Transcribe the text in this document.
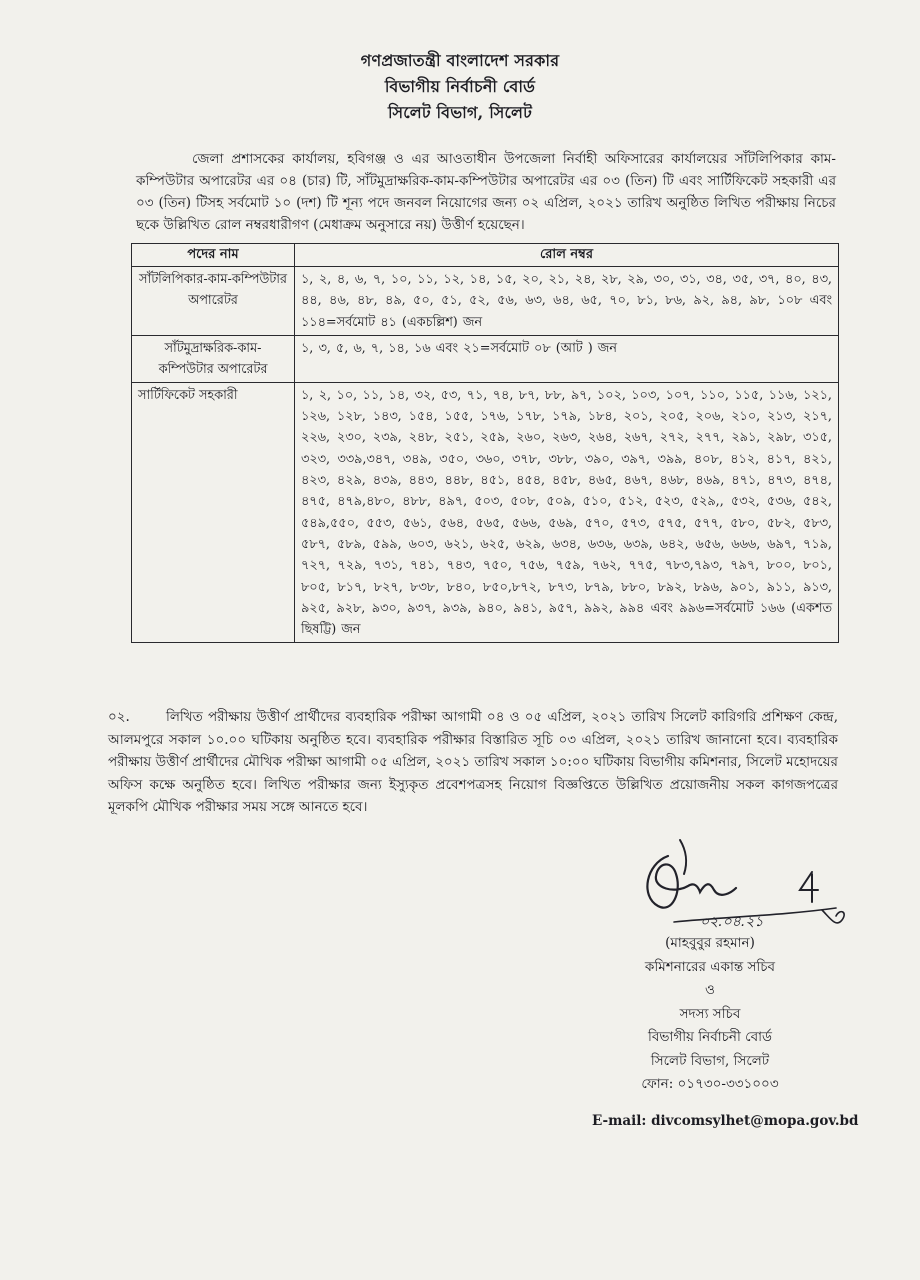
গণপ্রজাতন্ত্রী বাংলাদেশ সরকার
বিভাগীয় নির্বাচনী বোর্ড
সিলেট বিভাগ, সিলেট
জেলা প্রশাসকের কার্যালয়, হবিগঞ্জ ও এর আওতাধীন উপজেলা নির্বাহী অফিসারের কার্যালয়ের সাঁটলিপিকার কাম-কম্পিউটার অপারেটর এর ০৪ (চার) টি, সাঁটমুদ্রাক্ষরিক-কাম-কম্পিউটার অপারেটর এর ০৩ (তিন) টি এবং সার্টিফিকেট সহকারী এর ০৩ (তিন) টিসহ সর্বমোট ১০ (দশ) টি শূন্য পদে জনবল নিয়োগের জন্য ০২ এপ্রিল, ২০২১ তারিখ অনুষ্ঠিত লিখিত পরীক্ষায় নিচের ছকে উল্লিখিত রোল নম্বরধারীগণ (মেধাক্রম অনুসারে নয়) উত্তীর্ণ হয়েছেন।
পদের নাম	রোল নম্বর
সাঁটলিপিকার-কাম-কম্পিউটার অপারেটর	১, ২, ৪, ৬, ৭, ১০, ১১, ১২, ১৪, ১৫, ২০, ২১, ২৪, ২৮, ২৯, ৩০, ৩১, ৩৪, ৩৫, ৩৭, ৪০, ৪৩, ৪৪, ৪৬, ৪৮, ৪৯, ৫০, ৫১, ৫২, ৫৬, ৬৩, ৬৪, ৬৫, ৭০, ৮১, ৮৬, ৯২, ৯৪, ৯৮, ১০৮ এবং ১১৪=সর্বমোট ৪১ (একচল্লিশ) জন
সাঁটমুদ্রাক্ষরিক-কাম-কম্পিউটার অপারেটর	১, ৩, ৫, ৬, ৭, ১৪, ১৬ এবং ২১=সর্বমোট ০৮ (আট ) জন
সার্টিফিকেট সহকারী	১, ২, ১০, ১১, ১৪, ৩২, ৫৩, ৭১, ৭৪, ৮৭, ৮৮, ৯৭, ১০২, ১০৩, ১০৭, ১১০, ১১৫, ১১৬, ১২১, ১২৬, ১২৮, ১৪৩, ১৫৪, ১৫৫, ১৭৬, ১৭৮, ১৭৯, ১৮৪, ২০১, ২০৫, ২০৬, ২১০, ২১৩, ২১৭, ২২৬, ২৩০, ২৩৯, ২৪৮, ২৫১, ২৫৯, ২৬০, ২৬৩, ২৬৪, ২৬৭, ২৭২, ২৭৭, ২৯১, ২৯৮, ৩১৫, ৩২৩, ৩৩৯,৩৪৭, ৩৪৯, ৩৫০, ৩৬০, ৩৭৮, ৩৮৮, ৩৯০, ৩৯৭, ৩৯৯, ৪০৮, ৪১২, ৪১৭, ৪২১, ৪২৩, ৪২৯, ৪৩৯, ৪৪৩, ৪৪৮, ৪৫১, ৪৫৪, ৪৫৮, ৪৬৫, ৪৬৭, ৪৬৮, ৪৬৯, ৪৭১, ৪৭৩, ৪৭৪, ৪৭৫, ৪৭৯,৪৮০, ৪৮৮, ৪৯৭, ৫০৩, ৫০৮, ৫০৯, ৫১০, ৫১২, ৫২৩, ৫২৯,, ৫৩২, ৫৩৬, ৫৪২, ৫৪৯,৫৫০, ৫৫৩, ৫৬১, ৫৬৪, ৫৬৫, ৫৬৬, ৫৬৯, ৫৭০, ৫৭৩, ৫৭৫, ৫৭৭, ৫৮০, ৫৮২, ৫৮৩, ৫৮৭, ৫৮৯, ৫৯৯, ৬০৩, ৬২১, ৬২৫, ৬২৯, ৬৩৪, ৬৩৬, ৬৩৯, ৬৪২, ৬৫৬, ৬৬৬, ৬৯৭, ৭১৯, ৭২৭, ৭২৯, ৭৩১, ৭৪১, ৭৪৩, ৭৫০, ৭৫৬, ৭৫৯, ৭৬২, ৭৭৫, ৭৮৩,৭৯৩, ৭৯৭, ৮০০, ৮০১, ৮০৫, ৮১৭, ৮২৭, ৮৩৮, ৮৪০, ৮৫০,৮৭২, ৮৭৩, ৮৭৯, ৮৮০, ৮৯২, ৮৯৬, ৯০১, ৯১১, ৯১৩, ৯২৫, ৯২৮, ৯৩০, ৯৩৭, ৯৩৯, ৯৪০, ৯৪১, ৯৫৭, ৯৯২, ৯৯৪ এবং ৯৯৬=সর্বমোট ১৬৬ (একশত ছিষট্টি) জন
০২.	লিখিত পরীক্ষায় উত্তীর্ণ প্রার্থীদের ব্যবহারিক পরীক্ষা আগামী ০৪ ও ০৫ এপ্রিল, ২০২১ তারিখ সিলেট কারিগরি প্রশিক্ষণ কেন্দ্র, আলমপুরে সকাল ১০.০০ ঘটিকায় অনুষ্ঠিত হবে। ব্যবহারিক পরীক্ষার বিস্তারিত সূচি ০৩ এপ্রিল, ২০২১ তারিখ জানানো হবে। ব্যবহারিক পরীক্ষায় উত্তীর্ণ প্রার্থীদের মৌখিক পরীক্ষা আগামী ০৫ এপ্রিল, ২০২১ তারিখ সকাল ১০:০০ ঘটিকায় বিভাগীয় কমিশনার, সিলেট মহোদয়ের অফিস কক্ষে অনুষ্ঠিত হবে। লিখিত পরীক্ষার জন্য ইস্যুকৃত প্রবেশপত্রসহ নিয়োগ বিজ্ঞপ্তিতে উল্লিখিত প্রয়োজনীয় সকল কাগজপত্রের মূলকপি মৌখিক পরীক্ষার সময় সঙ্গে আনতে হবে।
০২.০৪.২১
(মাহবুবুর রহমান)
কমিশনারের একান্ত সচিব
ও
সদস্য সচিব
বিভাগীয় নির্বাচনী বোর্ড
সিলেট বিভাগ, সিলেট
ফোন: ০১৭৩০-৩৩১০০৩
E-mail: divcomsylhet@mopa.gov.bd
